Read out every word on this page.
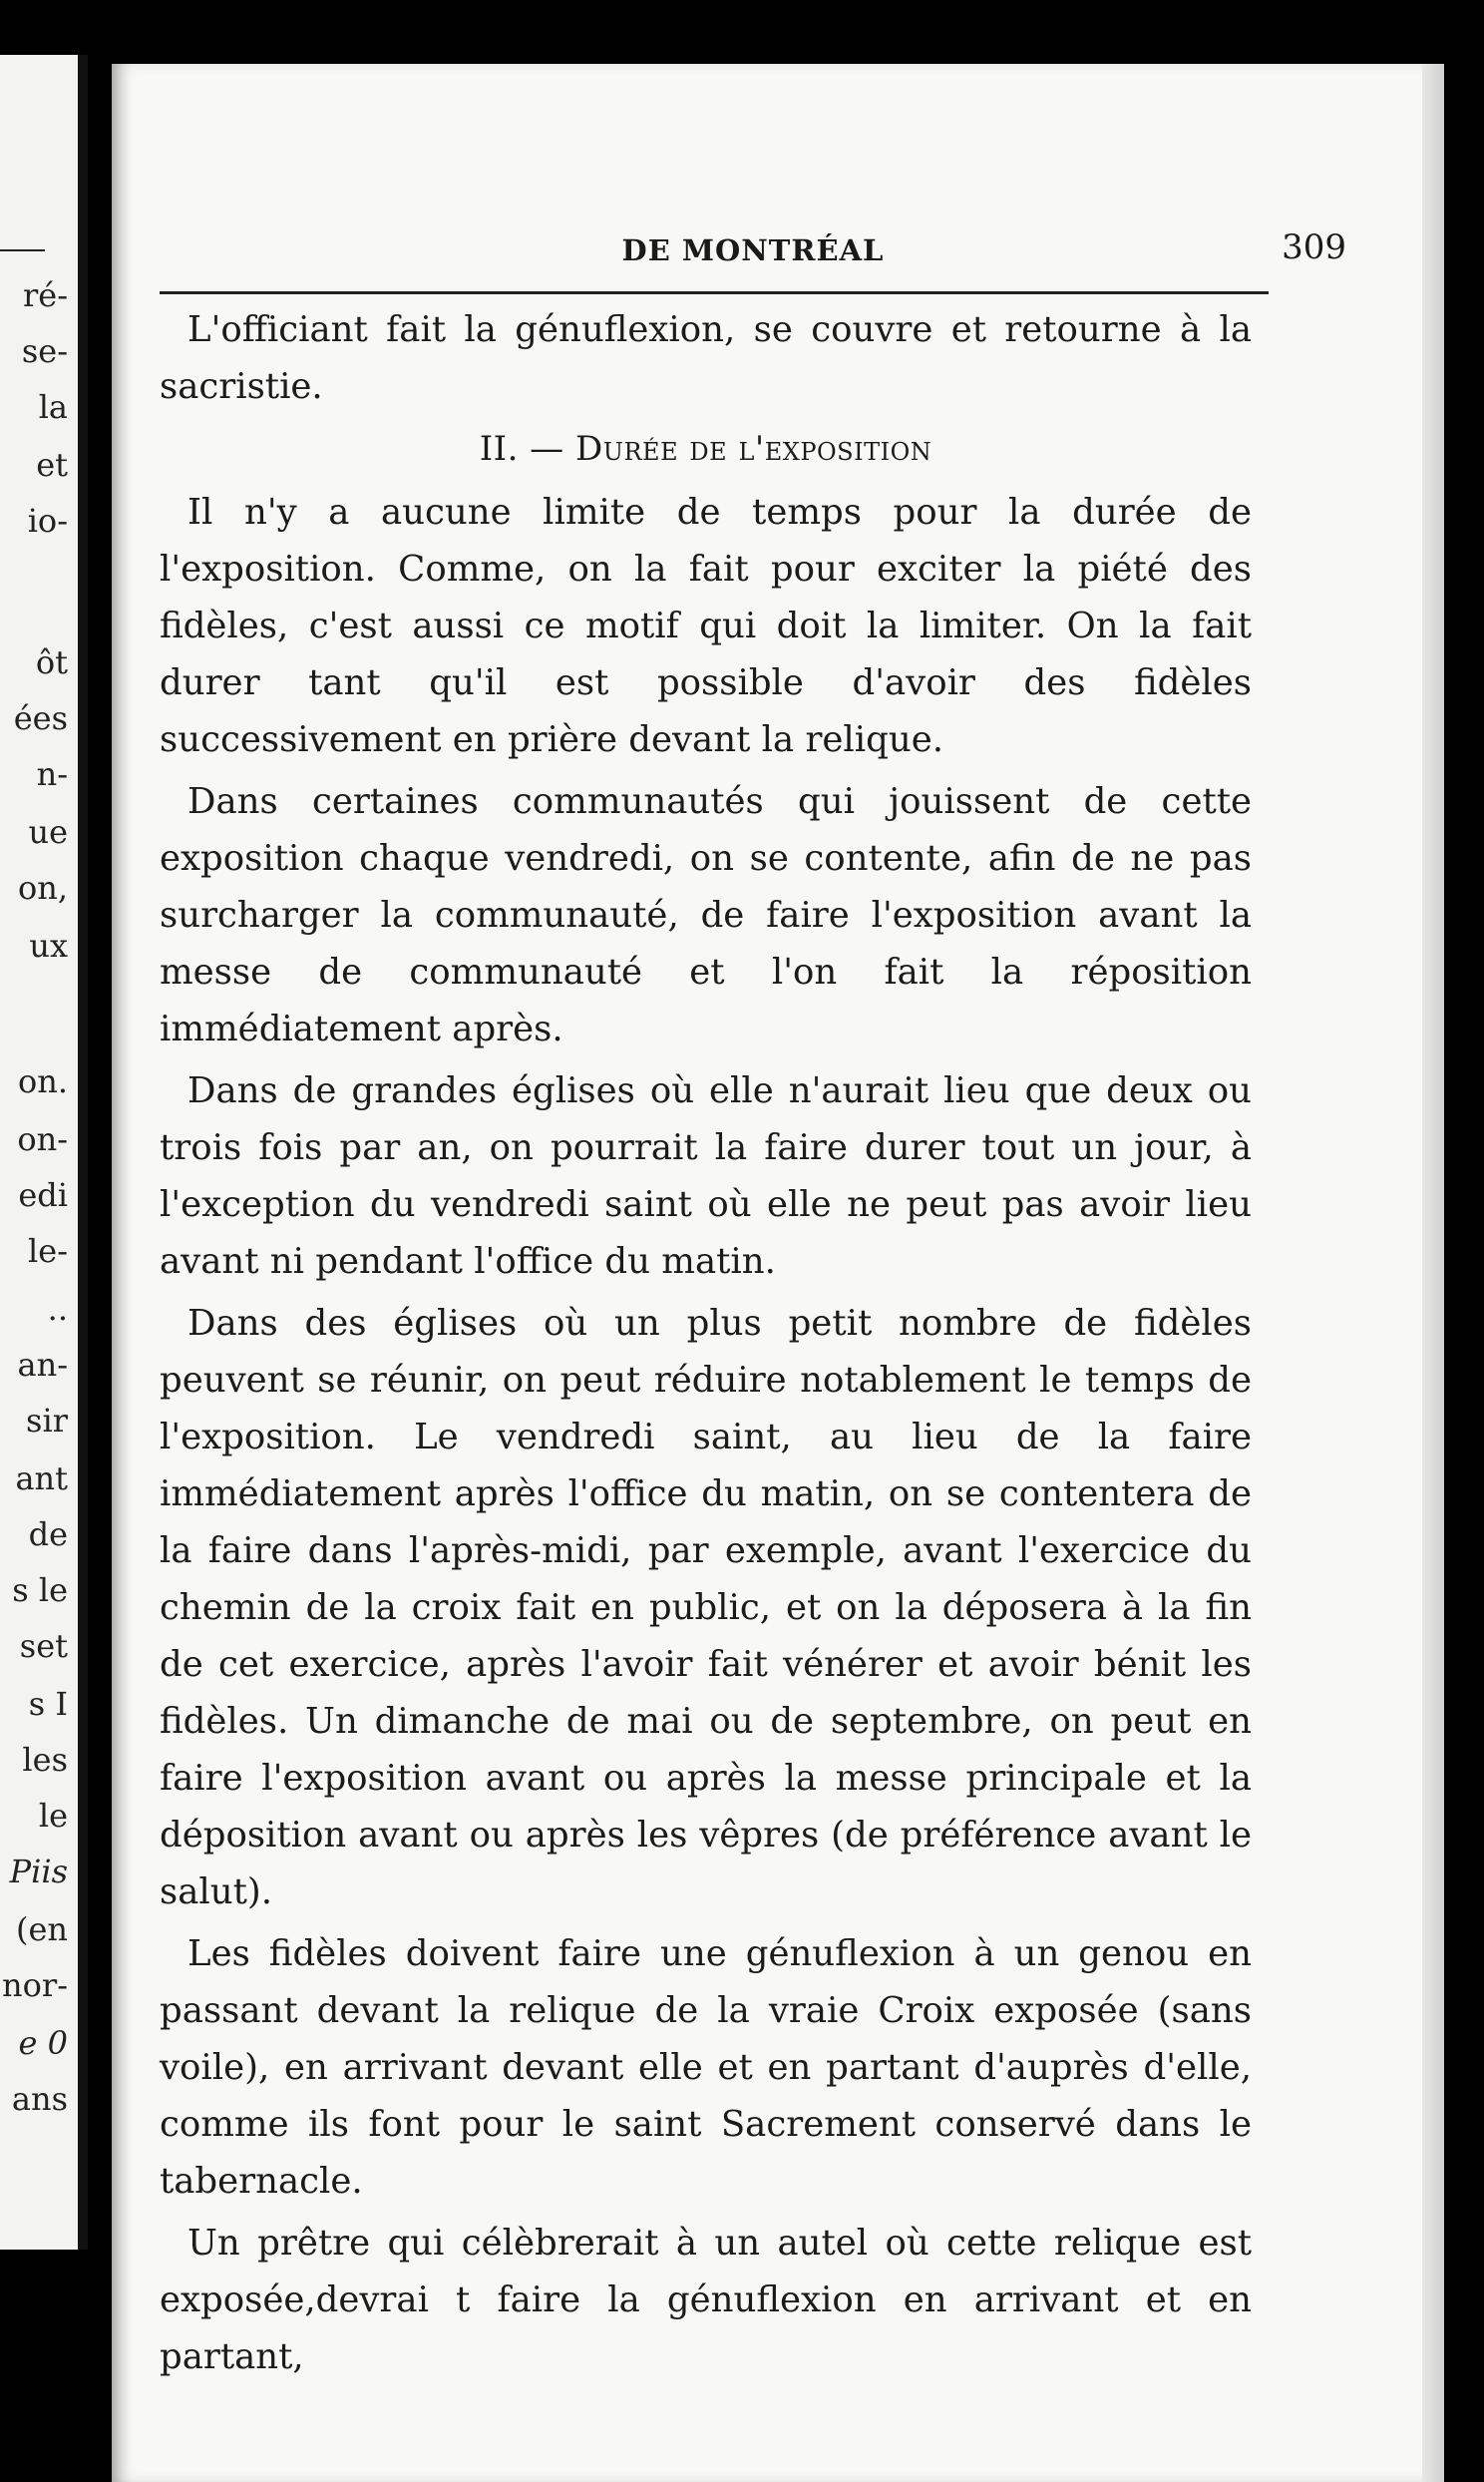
ré-
se-
la
et
io-
ôt
ées
n-
ue
on,
ux
on.
on-
edi
le-
..
an-
sir
ant
de
s le
set
s I
les
le
Piis
(en
nor-
e 0
ans
DE MONTRÉAL	309

L'officiant fait la génuflexion, se couvre et retourne à la sacristie.

II. — Durée de l'exposition

Il n'y a aucune limite de temps pour la durée de l'exposition. Comme, on la fait pour exciter la piété des fidèles, c'est aussi ce motif qui doit la limiter. On la fait durer tant qu'il est possible d'avoir des fidèles successivement en prière devant la relique.

Dans certaines communautés qui jouissent de cette exposition chaque vendredi, on se contente, afin de ne pas surcharger la communauté, de faire l'exposition avant la messe de communauté et l'on fait la réposition immédiatement après.

Dans de grandes églises où elle n'aurait lieu que deux ou trois fois par an, on pourrait la faire durer tout un jour, à l'exception du vendredi saint où elle ne peut pas avoir lieu avant ni pendant l'office du matin.

Dans des églises où un plus petit nombre de fidèles peuvent se réunir, on peut réduire notablement le temps de l'exposition. Le vendredi saint, au lieu de la faire immédiatement après l'office du matin, on se contentera de la faire dans l'après-midi, par exemple, avant l'exercice du chemin de la croix fait en public, et on la déposera à la fin de cet exercice, après l'avoir fait vénérer et avoir bénit les fidèles. Un dimanche de mai ou de septembre, on peut en faire l'exposition avant ou après la messe principale et la déposition avant ou après les vêpres (de préférence avant le salut).

Les fidèles doivent faire une génuflexion à un genou en passant devant la relique de la vraie Croix exposée (sans voile), en arrivant devant elle et en partant d'auprès d'elle, comme ils font pour le saint Sacrement conservé dans le tabernacle.

Un prêtre qui célèbrerait à un autel où cette relique est exposée,devrai t faire la génuflexion en arrivant et en partant,
